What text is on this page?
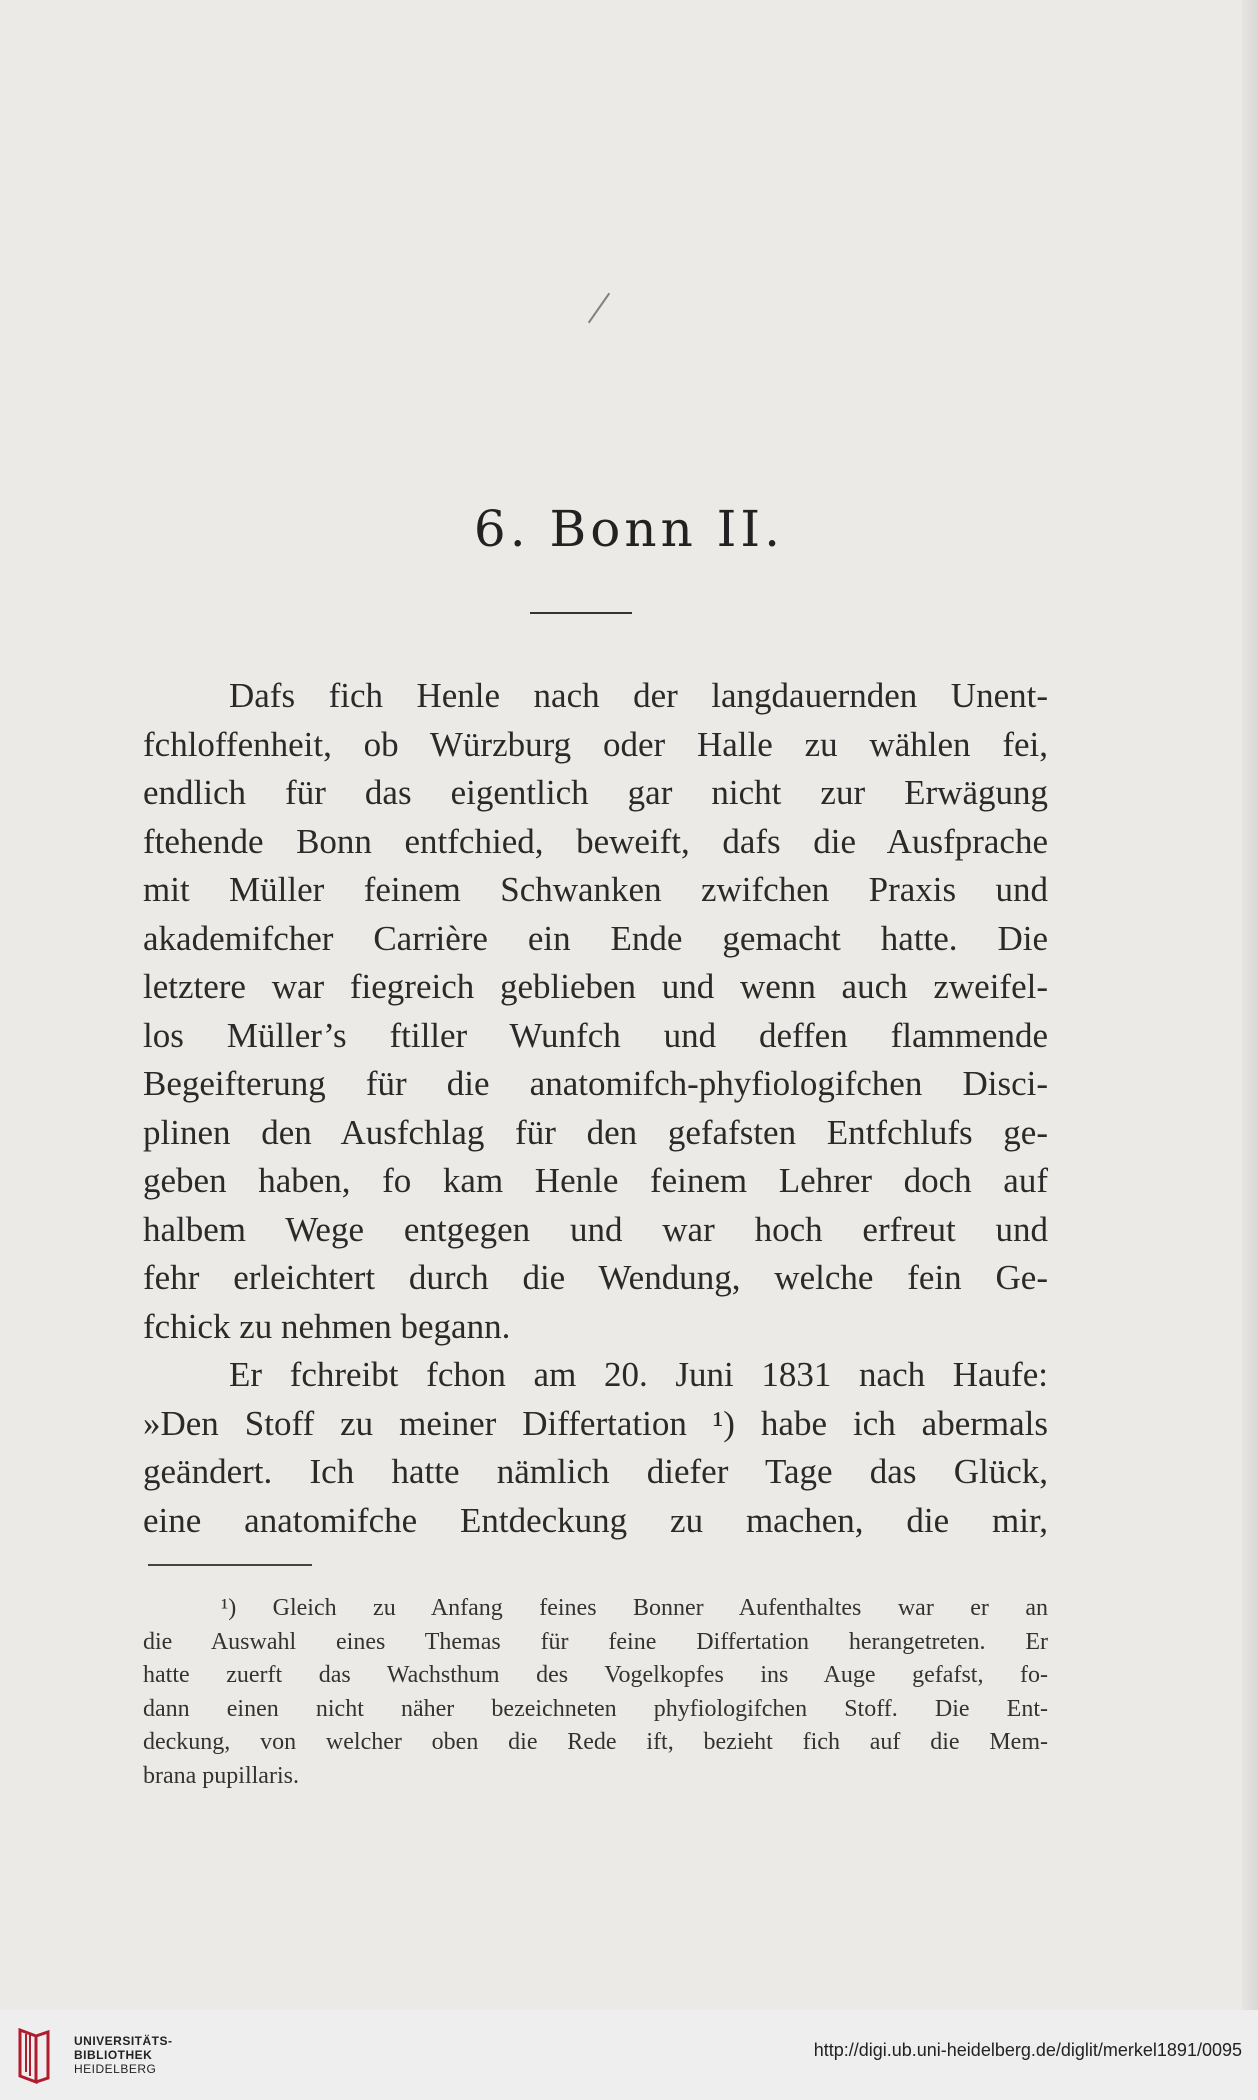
6. Bonn II.
Dafs fich Henle nach der langdauernden Unent-
fchloffenheit, ob Würzburg oder Halle zu wählen fei,
endlich für das eigentlich gar nicht zur Erwägung
ftehende Bonn entfchied, beweift, dafs die Ausfprache
mit Müller feinem Schwanken zwifchen Praxis und
akademifcher Carrière ein Ende gemacht hatte. Die
letztere war fiegreich geblieben und wenn auch zweifel-
los Müller’s ftiller Wunfch und deffen flammende
Begeifterung für die anatomifch-phyfiologifchen Disci-
plinen den Ausfchlag für den gefafsten Entfchlufs ge-
geben haben, fo kam Henle feinem Lehrer doch auf
halbem Wege entgegen und war hoch erfreut und
fehr erleichtert durch die Wendung, welche fein Ge-
fchick zu nehmen begann.
Er fchreibt fchon am 20. Juni 1831 nach Haufe:
»Den Stoff zu meiner Differtation ¹) habe ich abermals
geändert. Ich hatte nämlich diefer Tage das Glück,
eine anatomifche Entdeckung zu machen, die mir,
¹) Gleich zu Anfang feines Bonner Aufenthaltes war er an
die Auswahl eines Themas für feine Differtation herangetreten. Er
hatte zuerft das Wachsthum des Vogelkopfes ins Auge gefafst, fo-
dann einen nicht näher bezeichneten phyfiologifchen Stoff. Die Ent-
deckung, von welcher oben die Rede ift, bezieht fich auf die Mem-
brana pupillaris.
UNIVERSITÄTS-
BIBLIOTHEK
HEIDELBERG
http://digi.ub.uni-heidelberg.de/diglit/merkel1891/0095
